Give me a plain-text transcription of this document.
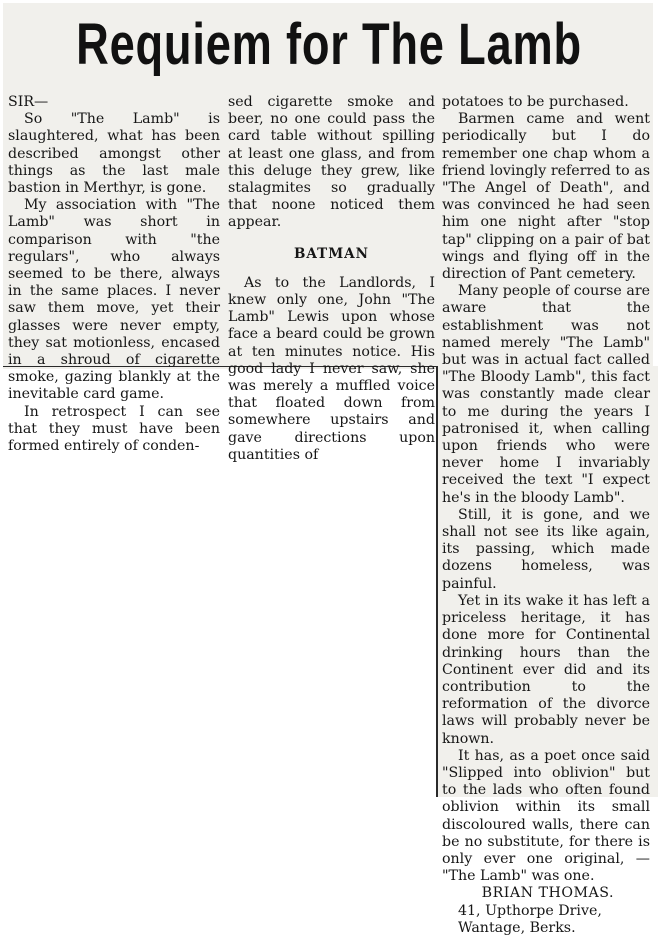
Requiem for The Lamb

SIR—

So "The Lamb" is slaughtered, what has been described amongst other things as the last male bastion in Merthyr, is gone.

My association with "The Lamb" was short in comparison with "the regulars", who always seemed to be there, always in the same places. I never saw them move, yet their glasses were never empty, they sat motionless, encased in a shroud of cigarette smoke, gazing blankly at the inevitable card game.

In retrospect I can see that they must have been formed entirely of conden-

sed cigarette smoke and beer, no one could pass the card table without spilling at least one glass, and from this deluge they grew, like stalagmites so gradually that noone noticed them appear.

BATMAN

As to the Landlords, I knew only one, John "The Lamb" Lewis upon whose face a beard could be grown at ten minutes notice. His good lady I never saw, she was merely a muffled voice that floated down from somewhere upstairs and gave directions upon quantities of

potatoes to be purchased.

Barmen came and went periodically but I do remember one chap whom a friend lovingly referred to as "The Angel of Death", and was convinced he had seen him one night after "stop tap" clipping on a pair of bat wings and flying off in the direction of Pant cemetery.

Many people of course are aware that the establishment was not named merely "The Lamb" but was in actual fact called "The Bloody Lamb", this fact was constantly made clear to me during the years I patronised it, when calling upon friends who were never home I invariably received the text "I expect he's in the bloody Lamb".

Still, it is gone, and we shall not see its like again, its passing, which made dozens homeless, was painful.

Yet in its wake it has left a priceless heritage, it has done more for Continental drinking hours than the Continent ever did and its contribution to the reformation of the divorce laws will probably never be known.

It has, as a poet once said "Slipped into oblivion" but to the lads who often found oblivion within its small discoloured walls, there can be no substitute, for there is only ever one original, — "The Lamb" was one.

BRIAN THOMAS.

41, Upthorpe Drive,

Wantage, Berks.
